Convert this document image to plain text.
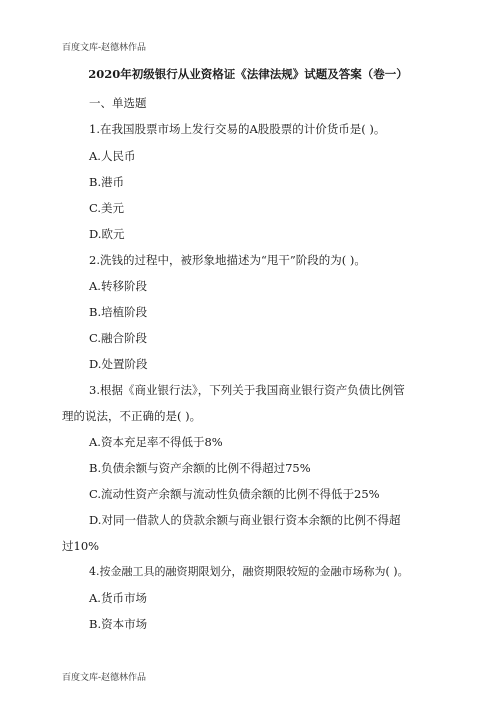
百度文库-赵德林作品
2020年初级银行从业资格证《法律法规》试题及答案（卷一）
一、单选题
1.在我国股票市场上发行交易的A股股票的计价货币是( )。
A.人民币
B.港币
C.美元
D.欧元
2.洗钱的过程中，被形象地描述为“甩干”阶段的为( )。
A.转移阶段
B.培植阶段
C.融合阶段
D.处置阶段
3.根据《商业银行法》，下列关于我国商业银行资产负债比例管
理的说法，不正确的是( )。
A.资本充足率不得低于8%
B.负债余额与资产余额的比例不得超过75%
C.流动性资产余额与流动性负债余额的比例不得低于25%
D.对同一借款人的贷款余额与商业银行资本余额的比例不得超
过10%
4.按金融工具的融资期限划分，融资期限较短的金融市场称为( )。
A.货币市场
B.资本市场
百度文库-赵德林作品
